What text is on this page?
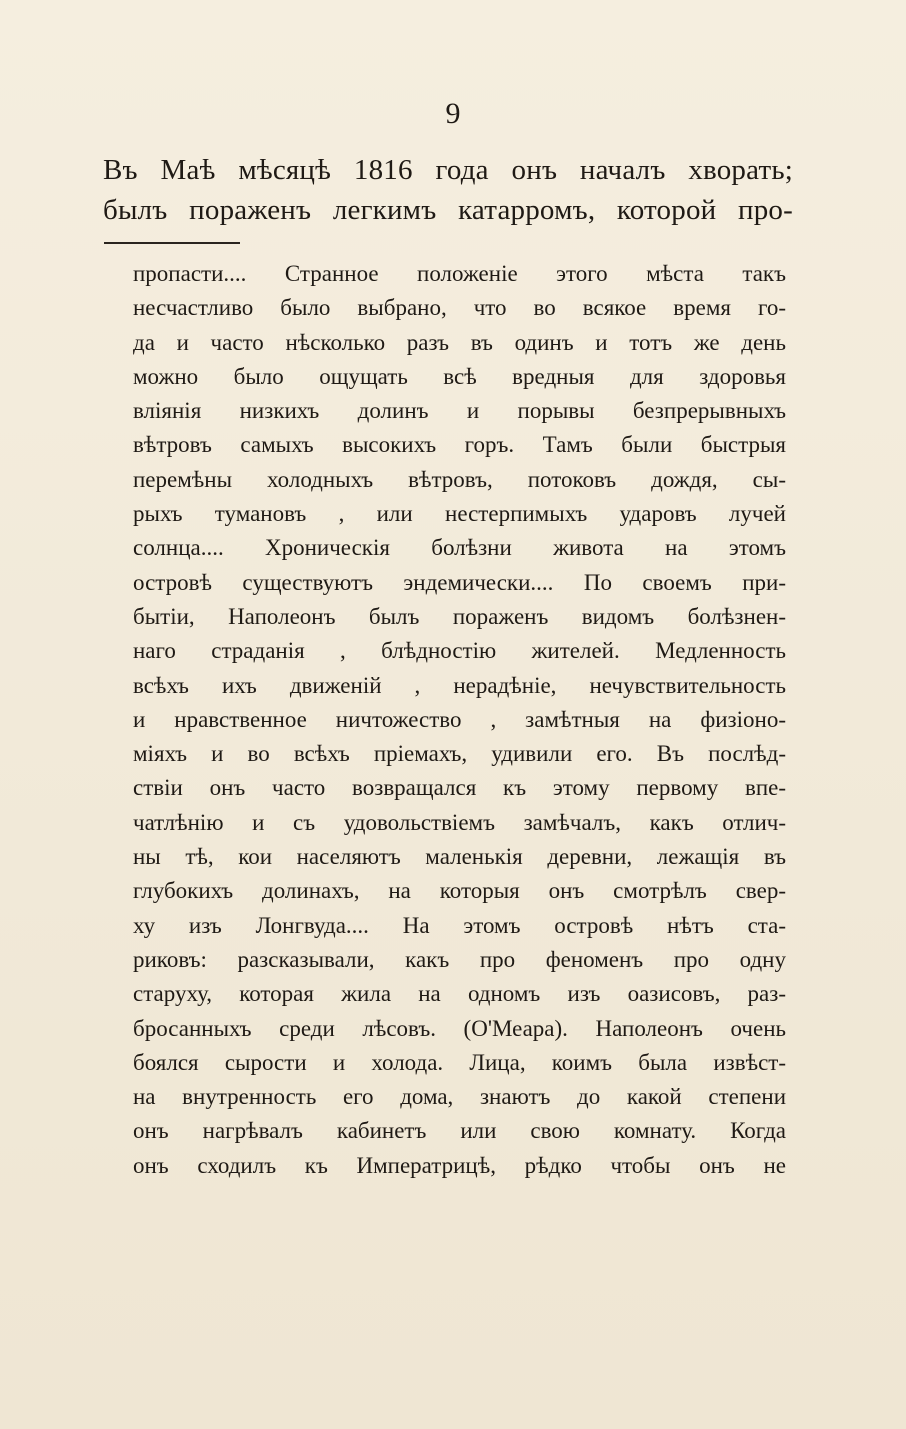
9
Въ Маѣ мѣсяцѣ 1816 года онъ началъ хворать;
былъ пораженъ легкимъ катарромъ, которой про-
пропасти.... Странное положенiе этого мѣста такъ
несчастливо было выбрано, что во всякое время го-
да и часто нѣсколько разъ въ одинъ и тотъ же день
можно было ощущать всѣ вредныя для здоровья
влiянiя низкихъ долинъ и порывы безпрерывныхъ
вѣтровъ самыхъ высокихъ горъ. Тамъ были быстрыя
перемѣны холодныхъ вѣтровъ, потоковъ дождя, сы-
рыхъ тумановъ , или нестерпимыхъ ударовъ лучей
солнца.... Хроническiя болѣзни живота на этомъ
островѣ существуютъ эндемически.... По своемъ при-
бытiи, Наполеонъ былъ пораженъ видомъ болѣзнен-
наго страданiя , блѣдностiю жителей. Медленность
всѣхъ ихъ движенiй , нерадѣнiе, нечувствительность
и нравственное ничтожество , замѣтныя на физiоно-
мiяхъ и во всѣхъ прiемахъ, удивили его. Въ послѣд-
ствiи онъ часто возвращался къ этому первому впе-
чатлѣнiю и съ удовольствiемъ замѣчалъ, какъ отлич-
ны тѣ, кои населяютъ маленькiя деревни, лежащiя въ
глубокихъ долинахъ, на которыя онъ смотрѣлъ свер-
ху изъ Лонгвуда.... На этомъ островѣ нѣтъ ста-
риковъ: разсказывали, какъ про феноменъ про одну
старуху, которая жила на одномъ изъ оазисовъ, раз-
бросанныхъ среди лѣсовъ. (О'Меара). Наполеонъ очень
боялся сырости и холода. Лица, коимъ была извѣст-
на внутренность его дома, знаютъ до какой степени
онъ нагрѣвалъ кабинетъ или свою комнату. Когда
онъ сходилъ къ Императрицѣ, рѣдко чтобы онъ не
